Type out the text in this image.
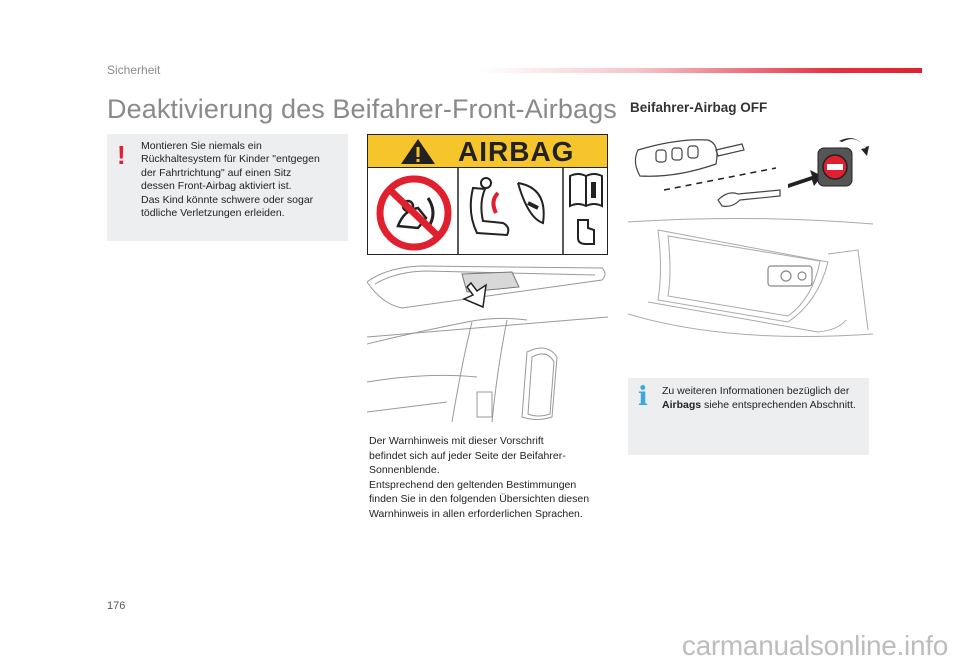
Sicherheit
Deaktivierung des Beifahrer-Front-Airbags
! Montieren Sie niemals ein
Rückhaltesystem für Kinder "entgegen
der Fahrtrichtung" auf einen Sitz
dessen Front-Airbag aktiviert ist.
Das Kind könnte schwere oder sogar
tödliche Verletzungen erleiden.
AIRBAG
Der Warnhinweis mit dieser Vorschrift
befindet sich auf jeder Seite der Beifahrer-
Sonnenblende.
Entsprechend den geltenden Bestimmungen
finden Sie in den folgenden Übersichten diesen
Warnhinweis in allen erforderlichen Sprachen.
Beifahrer-Airbag OFF
i Zu weiteren Informationen bezüglich der Airbags siehe entsprechenden Abschnitt.
176
carmanualsonline.info
